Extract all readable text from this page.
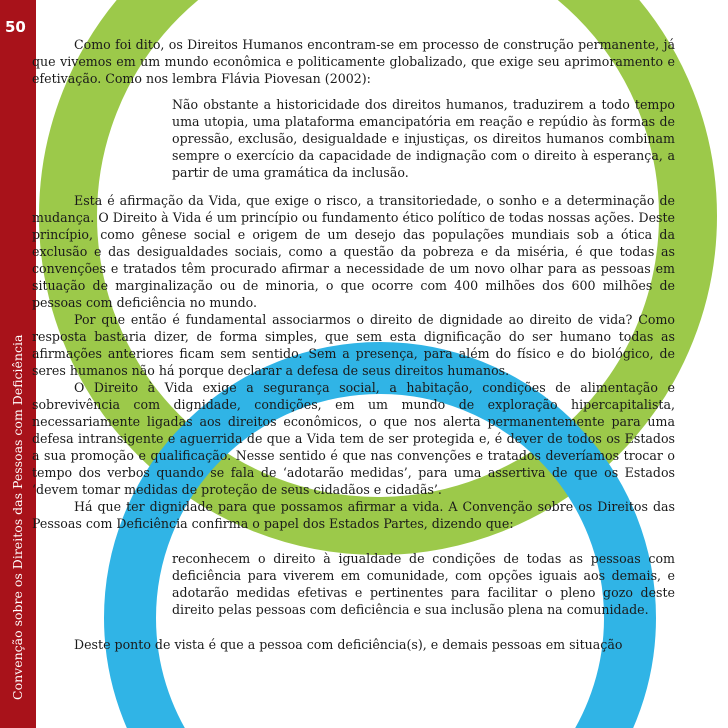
50
Convenção sobre os Direitos das Pessoas com Deficiência

Como foi dito, os Direitos Humanos encontram-se em processo de construção permanente, já que vivemos em um mundo econômica e politicamente globalizado, que exige seu aprimoramento e efetivação. Como nos lembra Flávia Piovesan (2002):

Não obstante a historicidade dos direitos humanos, traduzirem a todo tempo uma utopia, uma plataforma emancipatória em reação e repúdio às formas de opressão, exclusão, desigualdade e injustiças, os direitos humanos combinam sempre o exercício da capacidade de indignação com o direito à esperança, a partir de uma gramática da inclusão.

Esta é afirmação da Vida, que exige o risco, a transitoriedade, o sonho e a determinação de mudança. O Direito à Vida é um princípio ou fundamento ético político de todas nossas ações. Deste princípio, como gênese social e origem de um desejo das populações mundiais sob a ótica da exclusão e das desigualdades sociais, como a questão da pobreza e da miséria, é que todas as convenções e tratados têm procurado afirmar a necessidade de um novo olhar para as pessoas em situação de marginalização ou de minoria, o que ocorre com 400 milhões dos 600 milhões de pessoas com deficiência no mundo.

Por que então é fundamental associarmos o direito de dignidade ao direito de vida? Como resposta bastaria dizer, de forma simples, que sem esta dignificação do ser humano todas as afirmações anteriores ficam sem sentido. Sem a presença, para além do físico e do biológico, de seres humanos não há porque declarar a defesa de seus direitos humanos.

O Direito à Vida exige a segurança social, a habitação, condições de alimentação e sobrevivência com dignidade, condições, em um mundo de exploração hipercapitalista, necessariamente ligadas aos direitos econômicos, o que nos alerta permanentemente para uma defesa intransigente e aguerrida de que a Vida tem de ser protegida e, é dever de todos os Estados a sua promoção e qualificação. Nesse sentido é que nas convenções e tratados deveríamos trocar o tempo dos verbos quando se fala de ‘adotarão medidas’, para uma assertiva de que os Estados ‘devem tomar medidas de proteção de seus cidadãos e cidadãs’.

Há que ter dignidade para que possamos afirmar a vida. A Convenção sobre os Direitos das Pessoas com Deficiência confirma o papel dos Estados Partes, dizendo que:

reconhecem o direito à igualdade de condições de todas as pessoas com deficiência para viverem em comunidade, com opções iguais aos demais, e adotarão medidas efetivas e pertinentes para facilitar o pleno gozo deste direito pelas pessoas com deficiência e sua inclusão plena na comunidade.

Deste ponto de vista é que a pessoa com deficiência(s), e demais pessoas em situação
